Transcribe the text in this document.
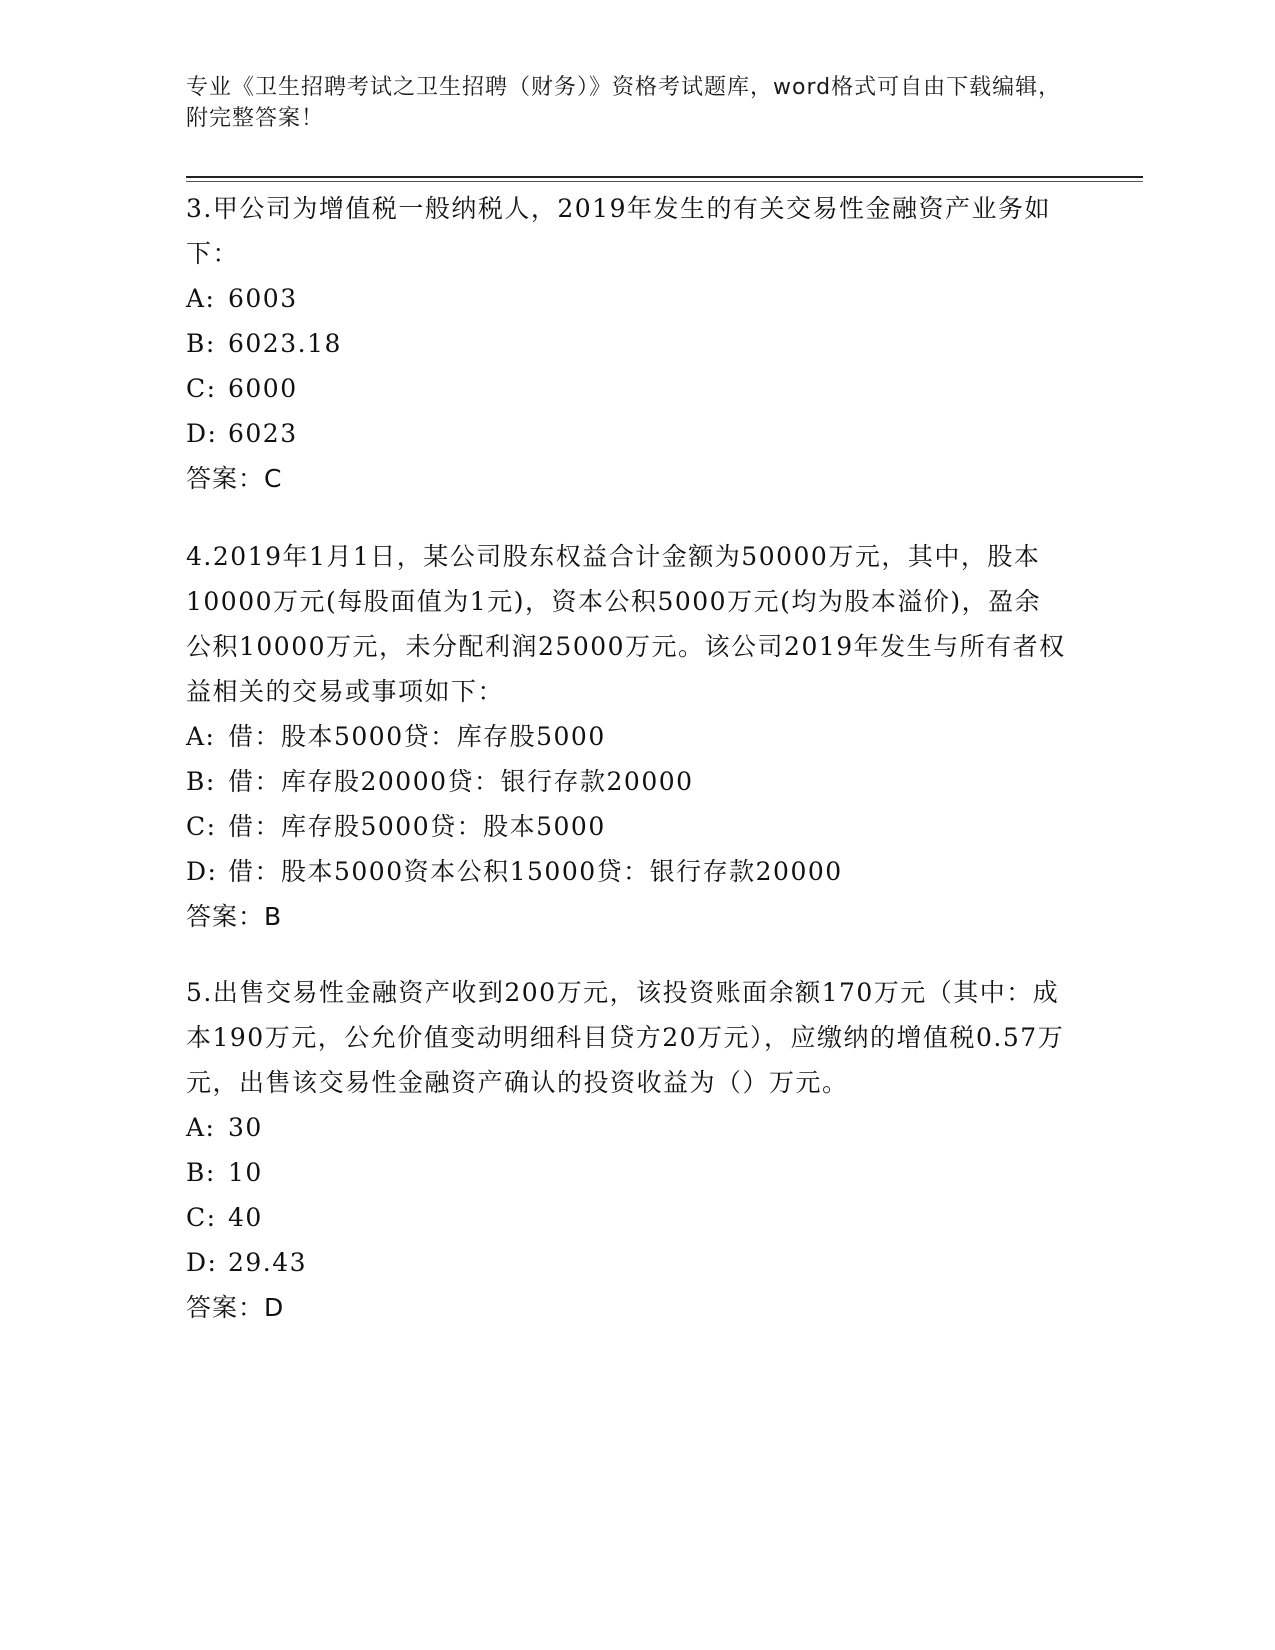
专业《卫生招聘考试之卫生招聘（财务）》资格考试题库，word格式可自由下载编辑，附完整答案！

3.甲公司为增值税一般纳税人，2019年发生的有关交易性金融资产业务如下：

A: 6003

B: 6023.18

C: 6000

D: 6023

答案：C

4.2019年1月1日，某公司股东权益合计金额为50000万元，其中，股本10000万元(每股面值为1元)，资本公积5000万元(均为股本溢价)，盈余公积10000万元，未分配利润25000万元。该公司2019年发生与所有者权益相关的交易或事项如下：

A: 借：股本5000贷：库存股5000

B: 借：库存股20000贷：银行存款20000

C: 借：库存股5000贷：股本5000

D: 借：股本5000资本公积15000贷：银行存款20000

答案：B

5.出售交易性金融资产收到200万元，该投资账面余额170万元（其中：成本190万元，公允价值变动明细科目贷方20万元），应缴纳的增值税0.57万元，出售该交易性金融资产确认的投资收益为（）万元。

A: 30

B: 10

C: 40

D: 29.43

答案：D
